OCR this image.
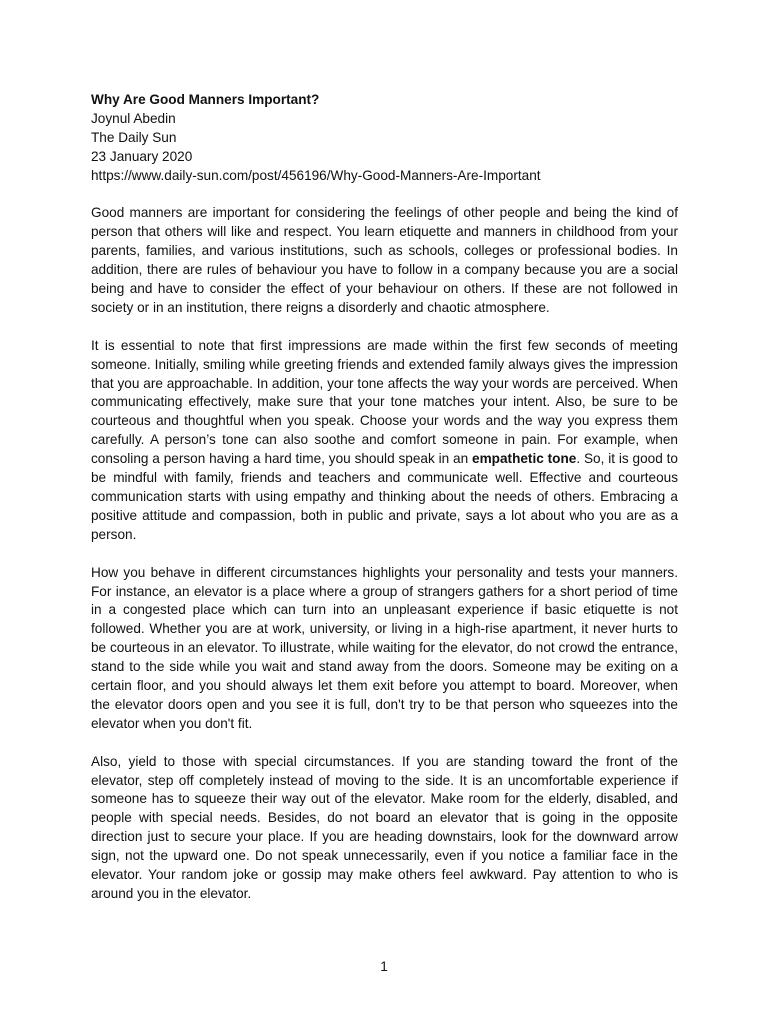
Why Are Good Manners Important?
Joynul Abedin
The Daily Sun
23 January 2020
https://www.daily-sun.com/post/456196/Why-Good-Manners-Are-Important

Good manners are important for considering the feelings of other people and being the kind of person that others will like and respect. You learn etiquette and manners in childhood from your parents, families, and various institutions, such as schools, colleges or professional bodies. In addition, there are rules of behaviour you have to follow in a company because you are a social being and have to consider the effect of your behaviour on others. If these are not followed in society or in an institution, there reigns a disorderly and chaotic atmosphere.

It is essential to note that first impressions are made within the first few seconds of meeting someone. Initially, smiling while greeting friends and extended family always gives the impression that you are approachable. In addition, your tone affects the way your words are perceived. When communicating effectively, make sure that your tone matches your intent. Also, be sure to be courteous and thoughtful when you speak. Choose your words and the way you express them carefully. A person’s tone can also soothe and comfort someone in pain. For example, when consoling a person having a hard time, you should speak in an empathetic tone. So, it is good to be mindful with family, friends and teachers and communicate well. Effective and courteous communication starts with using empathy and thinking about the needs of others. Embracing a positive attitude and compassion, both in public and private, says a lot about who you are as a person.

How you behave in different circumstances highlights your personality and tests your manners. For instance, an elevator is a place where a group of strangers gathers for a short period of time in a congested place which can turn into an unpleasant experience if basic etiquette is not followed. Whether you are at work, university, or living in a high-rise apartment, it never hurts to be courteous in an elevator. To illustrate, while waiting for the elevator, do not crowd the entrance, stand to the side while you wait and stand away from the doors. Someone may be exiting on a certain floor, and you should always let them exit before you attempt to board. Moreover, when the elevator doors open and you see it is full, don't try to be that person who squeezes into the elevator when you don't fit.

Also, yield to those with special circumstances. If you are standing toward the front of the elevator, step off completely instead of moving to the side. It is an uncomfortable experience if someone has to squeeze their way out of the elevator. Make room for the elderly, disabled, and people with special needs. Besides, do not board an elevator that is going in the opposite direction just to secure your place. If you are heading downstairs, look for the downward arrow sign, not the upward one. Do not speak unnecessarily, even if you notice a familiar face in the elevator. Your random joke or gossip may make others feel awkward. Pay attention to who is around you in the elevator.

1
